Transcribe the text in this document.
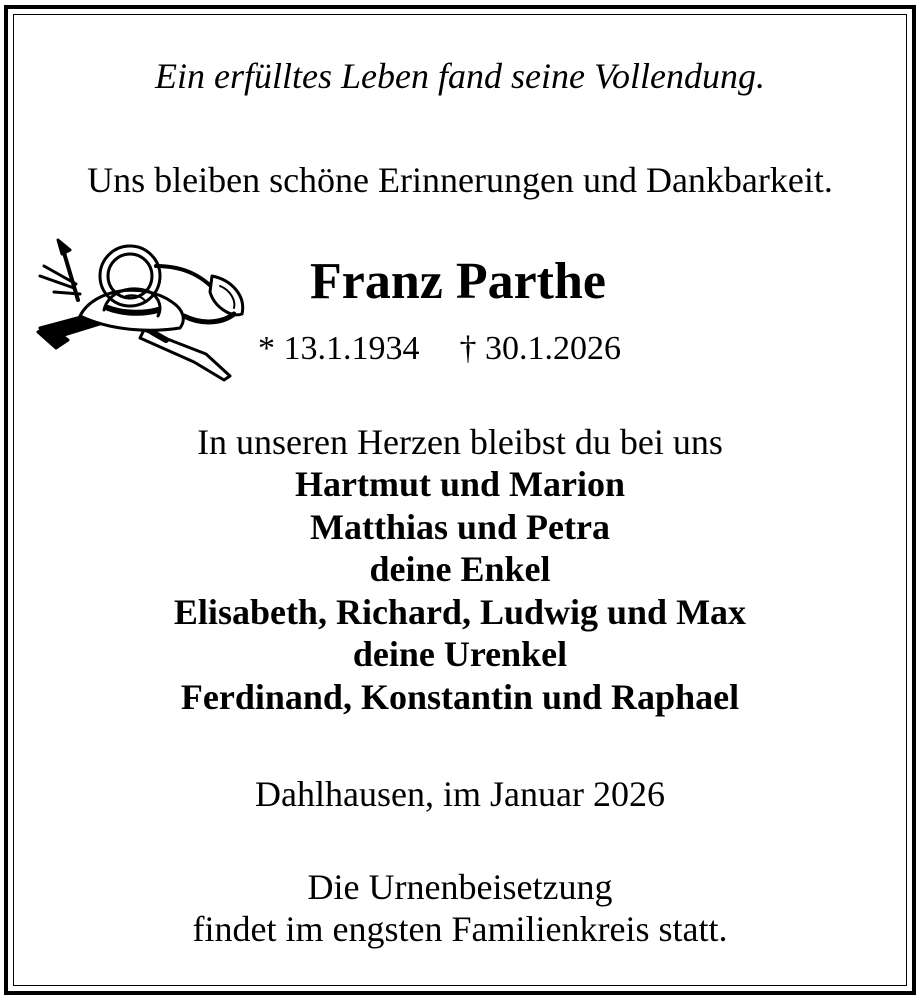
Ein erfülltes Leben fand seine Vollendung.
Uns bleiben schöne Erinnerungen und Dankbarkeit.
Franz Parthe
* 13.1.1934 † 30.1.2026
In unseren Herzen bleibst du bei uns
Hartmut und Marion
Matthias und Petra
deine Enkel
Elisabeth, Richard, Ludwig und Max
deine Urenkel
Ferdinand, Konstantin und Raphael
Dahlhausen, im Januar 2026
Die Urnenbeisetzung
findet im engsten Familienkreis statt.
